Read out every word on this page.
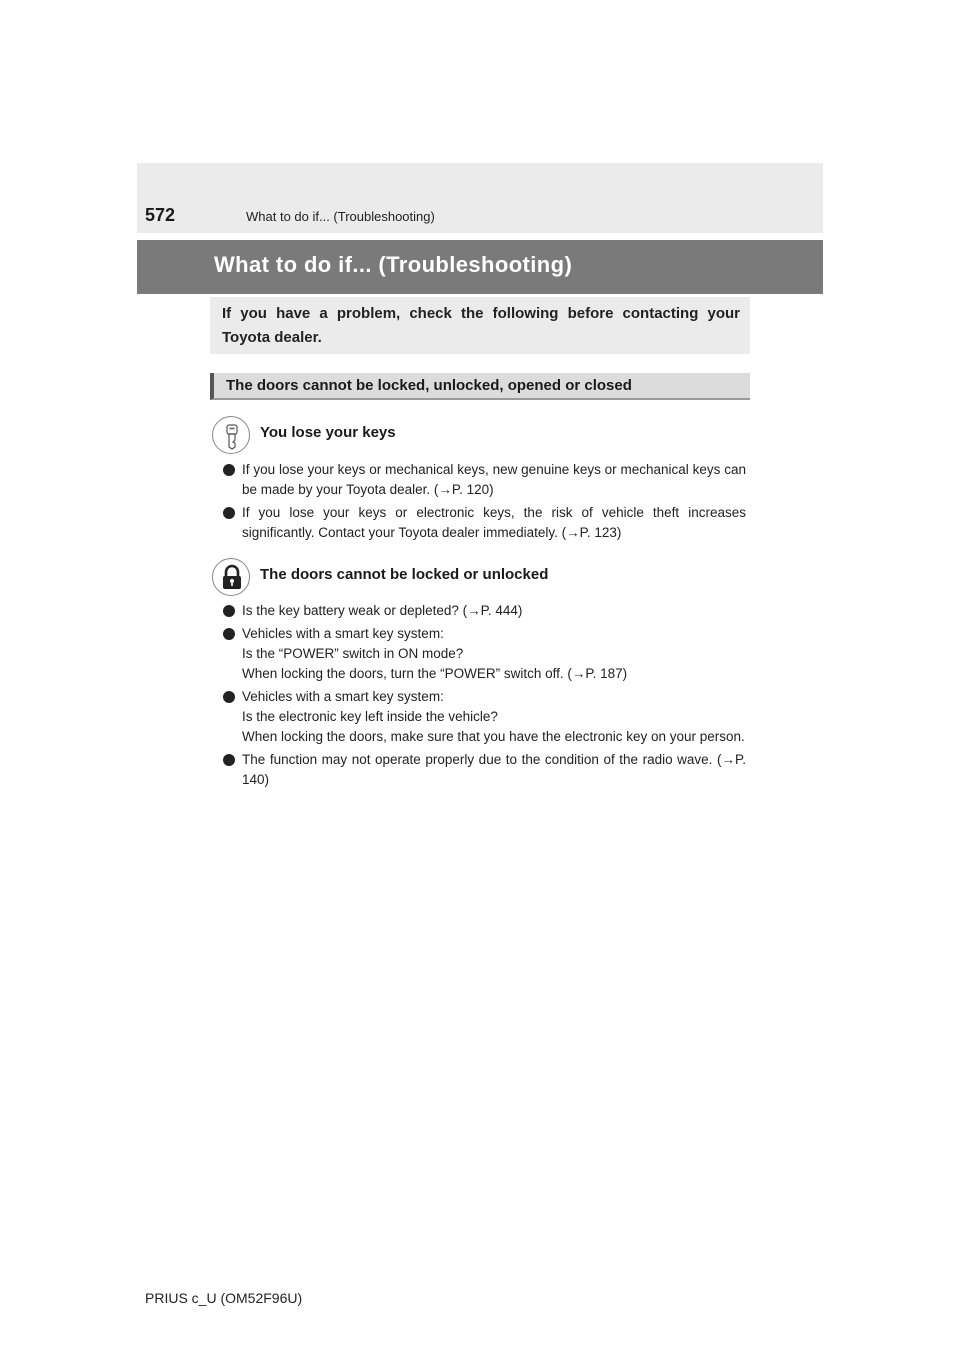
572	What to do if... (Troubleshooting)
What to do if... (Troubleshooting)
If you have a problem, check the following before contacting your Toyota dealer.
The doors cannot be locked, unlocked, opened or closed
You lose your keys
If you lose your keys or mechanical keys, new genuine keys or mechanical keys can be made by your Toyota dealer. (→P. 120)
If you lose your keys or electronic keys, the risk of vehicle theft increases significantly. Contact your Toyota dealer immediately. (→P. 123)
The doors cannot be locked or unlocked
Is the key battery weak or depleted? (→P. 444)
Vehicles with a smart key system:
Is the “POWER” switch in ON mode?
When locking the doors, turn the “POWER” switch off. (→P. 187)
Vehicles with a smart key system:
Is the electronic key left inside the vehicle?
When locking the doors, make sure that you have the electronic key on your person.
The function may not operate properly due to the condition of the radio wave. (→P. 140)
PRIUS c_U (OM52F96U)
